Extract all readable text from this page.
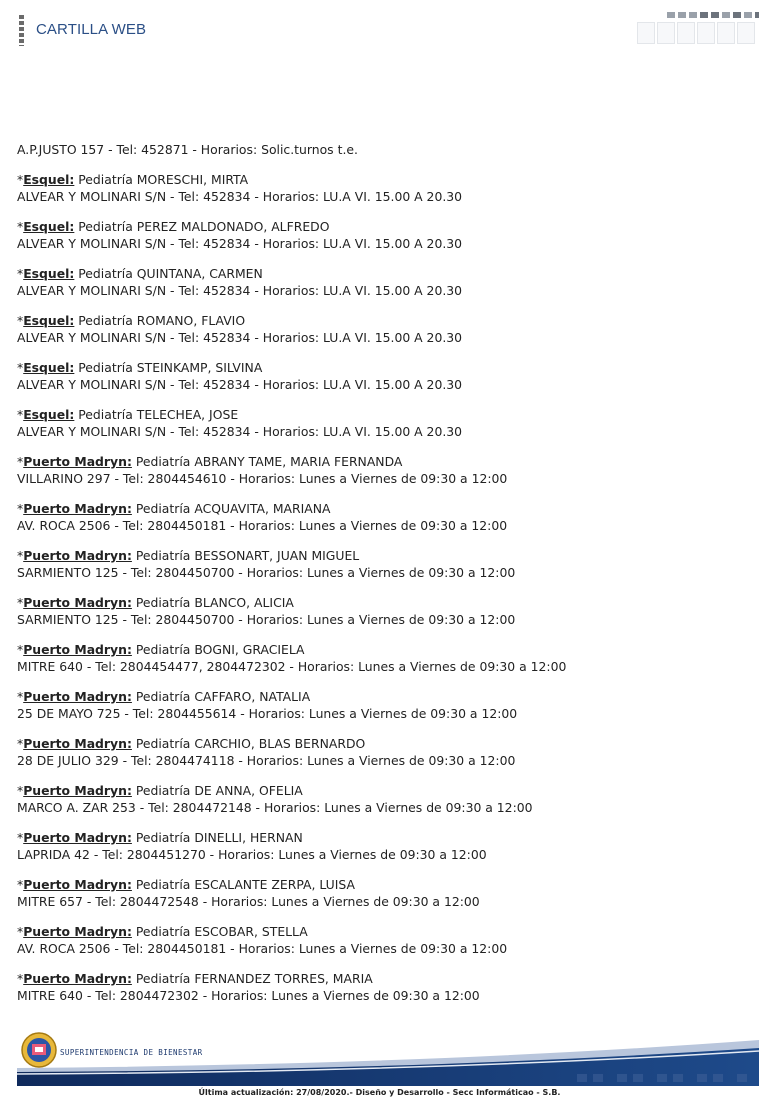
CARTILLA WEB
A.P.JUSTO 157 - Tel: 452871 - Horarios: Solic.turnos t.e.
*Esquel: Pediatría MORESCHI, MIRTA
ALVEAR Y MOLINARI S/N - Tel: 452834 - Horarios: LU.A VI. 15.00 A 20.30
*Esquel: Pediatría PEREZ MALDONADO, ALFREDO
ALVEAR Y MOLINARI S/N - Tel: 452834 - Horarios: LU.A VI. 15.00 A 20.30
*Esquel: Pediatría QUINTANA, CARMEN
ALVEAR Y MOLINARI S/N - Tel: 452834 - Horarios: LU.A VI. 15.00 A 20.30
*Esquel: Pediatría ROMANO, FLAVIO
ALVEAR Y MOLINARI S/N - Tel: 452834 - Horarios: LU.A VI. 15.00 A 20.30
*Esquel: Pediatría STEINKAMP, SILVINA
ALVEAR Y MOLINARI S/N - Tel: 452834 - Horarios: LU.A VI. 15.00 A 20.30
*Esquel: Pediatría TELECHEA, JOSE
ALVEAR Y MOLINARI S/N - Tel: 452834 - Horarios: LU.A VI. 15.00 A 20.30
*Puerto Madryn: Pediatría ABRANY TAME, MARIA FERNANDA
VILLARINO 297 - Tel: 2804454610 - Horarios: Lunes a Viernes de 09:30 a 12:00
*Puerto Madryn: Pediatría ACQUAVITA, MARIANA
AV. ROCA 2506 - Tel: 2804450181 - Horarios: Lunes a Viernes de 09:30 a 12:00
*Puerto Madryn: Pediatría BESSONART, JUAN MIGUEL
SARMIENTO 125 - Tel: 2804450700 - Horarios: Lunes a Viernes de 09:30 a 12:00
*Puerto Madryn: Pediatría BLANCO, ALICIA
SARMIENTO 125 - Tel: 2804450700 - Horarios: Lunes a Viernes de 09:30 a 12:00
*Puerto Madryn: Pediatría BOGNI, GRACIELA
MITRE 640 - Tel: 2804454477, 2804472302 - Horarios: Lunes a Viernes de 09:30 a 12:00
*Puerto Madryn: Pediatría CAFFARO, NATALIA
25 DE MAYO 725 - Tel: 2804455614 - Horarios: Lunes a Viernes de 09:30 a 12:00
*Puerto Madryn: Pediatría CARCHIO, BLAS BERNARDO
28 DE JULIO 329 - Tel: 2804474118 - Horarios: Lunes a Viernes de 09:30 a 12:00
*Puerto Madryn: Pediatría DE ANNA, OFELIA
MARCO A. ZAR 253 - Tel: 2804472148 - Horarios: Lunes a Viernes de 09:30 a 12:00
*Puerto Madryn: Pediatría DINELLI, HERNAN
LAPRIDA 42 - Tel: 2804451270 - Horarios: Lunes a Viernes de 09:30 a 12:00
*Puerto Madryn: Pediatría ESCALANTE ZERPA, LUISA
MITRE 657 - Tel: 2804472548 - Horarios: Lunes a Viernes de 09:30 a 12:00
*Puerto Madryn: Pediatría ESCOBAR, STELLA
AV. ROCA 2506 - Tel: 2804450181 - Horarios: Lunes a Viernes de 09:30 a 12:00
*Puerto Madryn: Pediatría FERNANDEZ TORRES, MARIA
MITRE 640 - Tel: 2804472302 - Horarios: Lunes a Viernes de 09:30 a 12:00
SUPERINTENDENCIA DE BIENESTAR
Última actualización: 27/08/2020.- Diseño y Desarrollo - Secc Informáticao - S.B.
